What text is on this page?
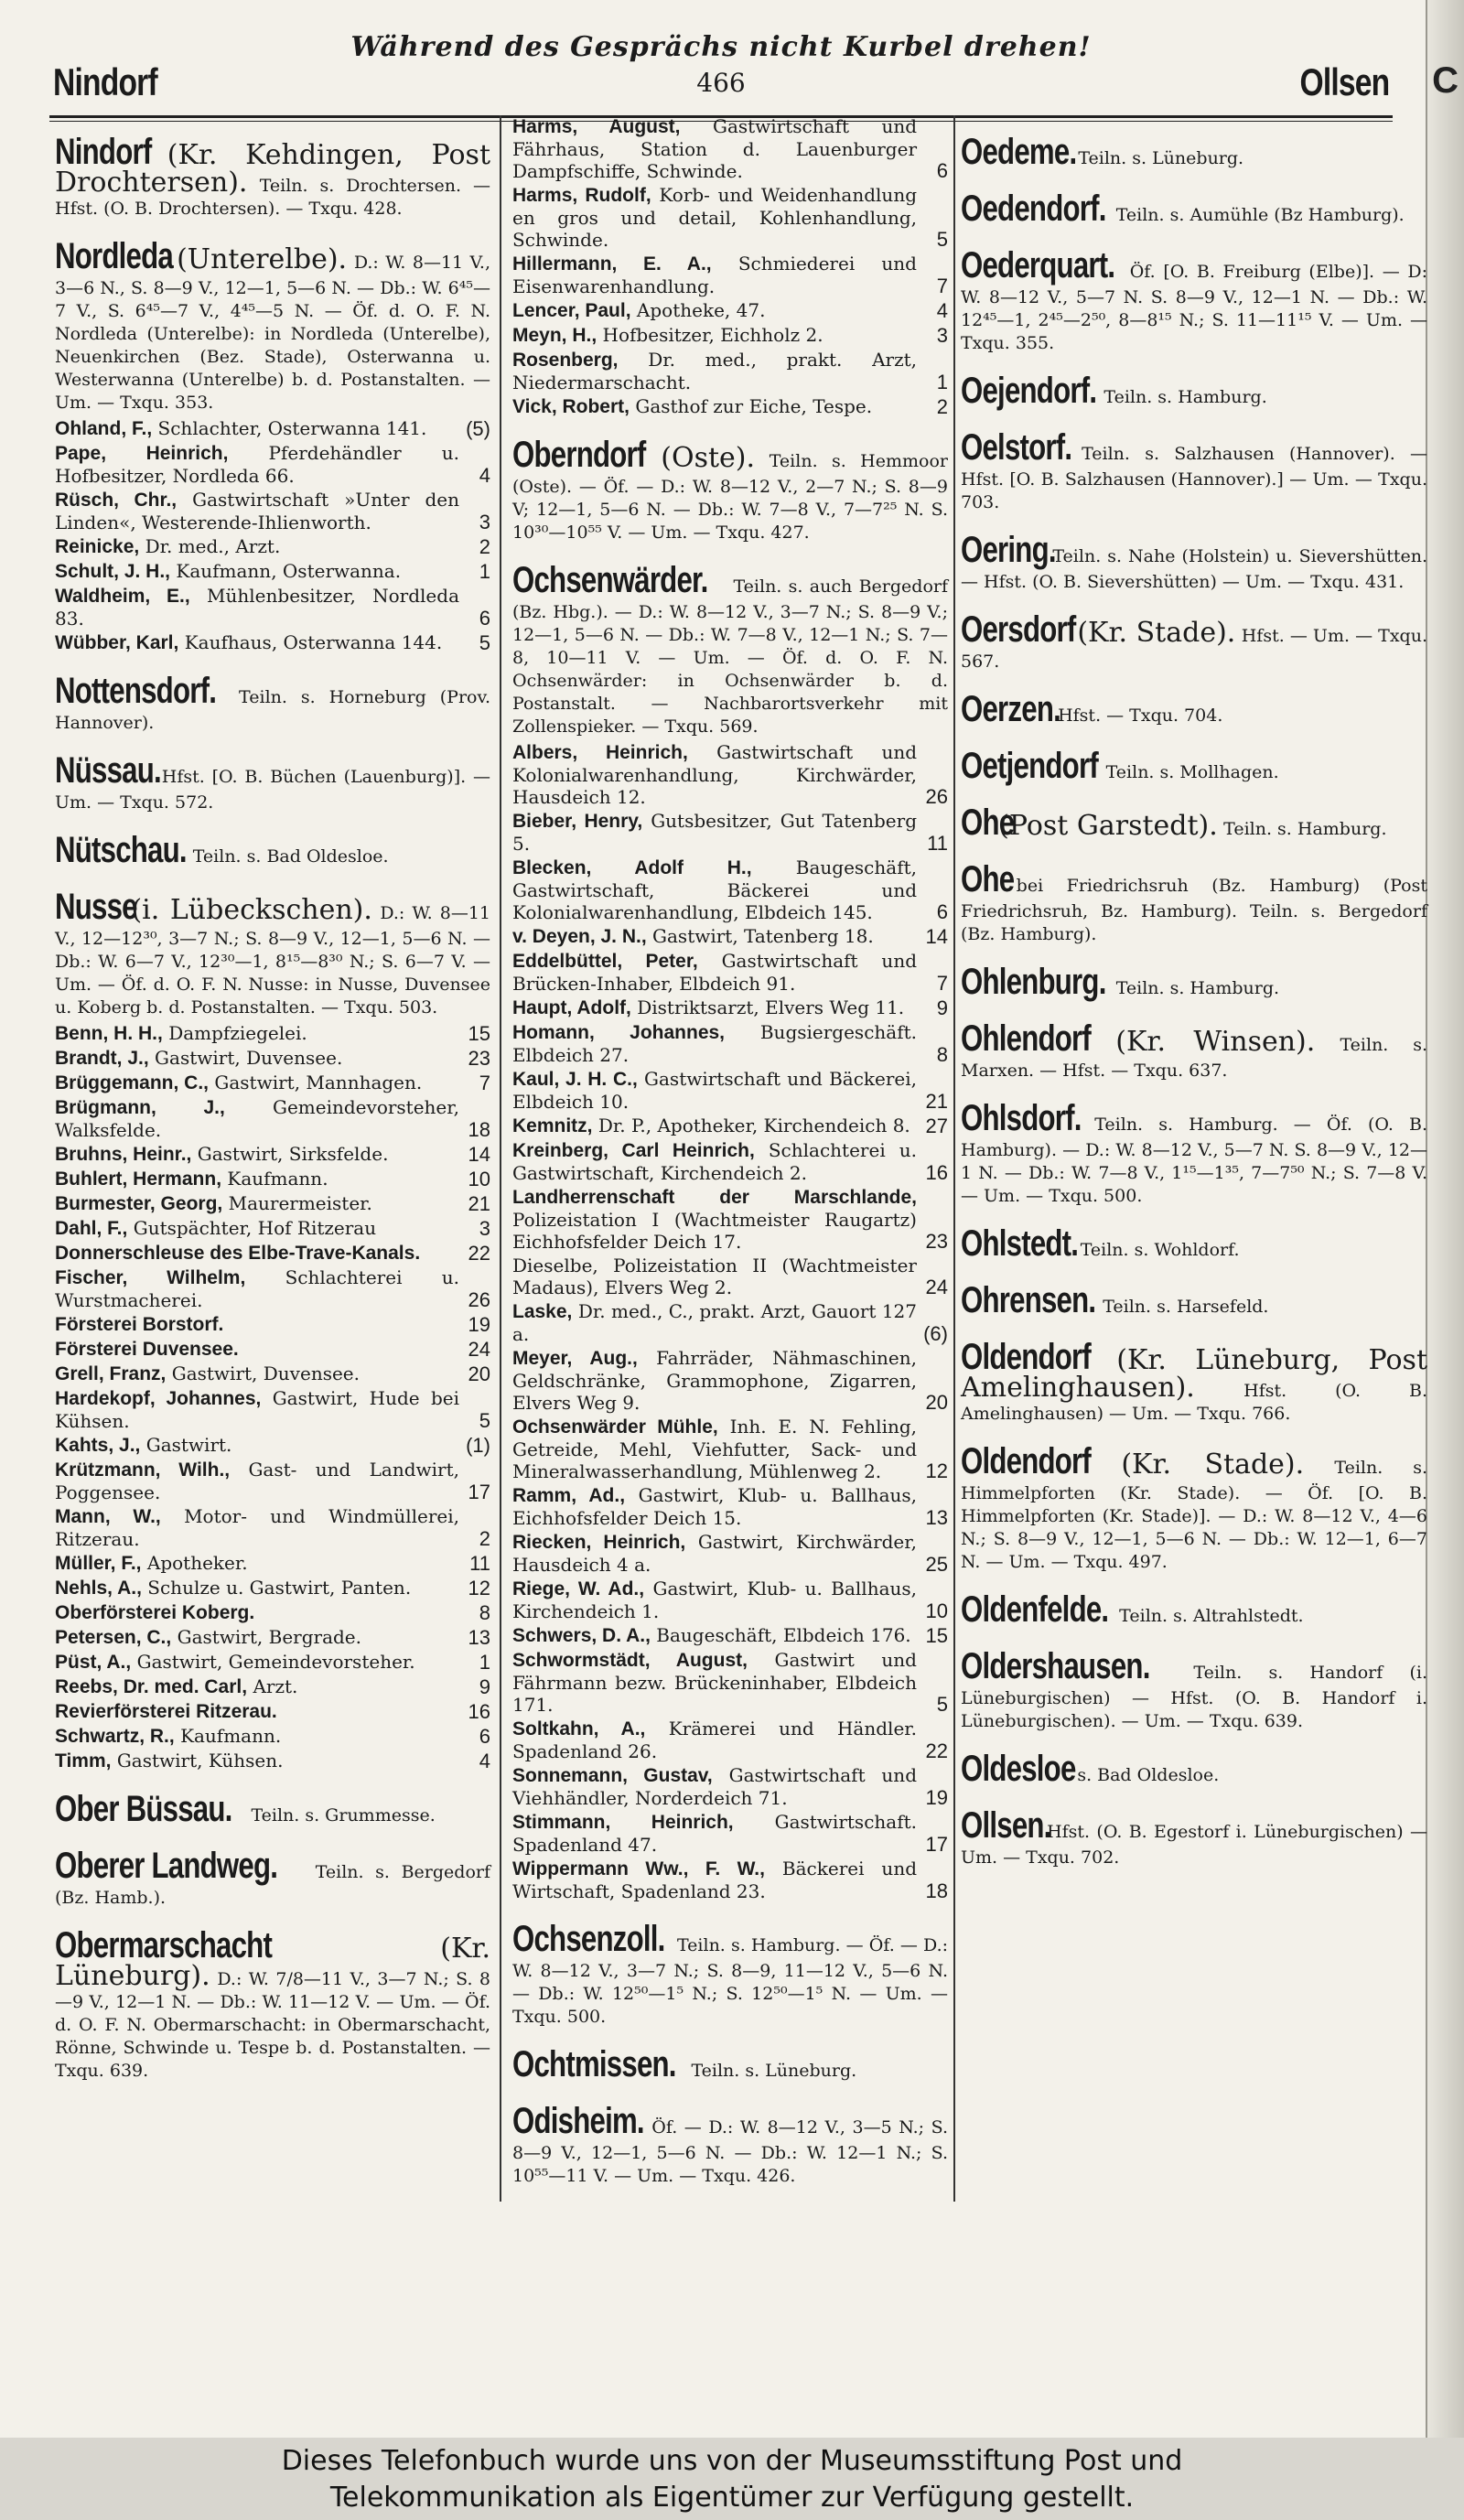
C
Nindorf
Während des Gesprächs nicht Kurbel drehen!
466	Ollsen
Nindorf (Kr. Kehdingen, Post Drochtersen). Teiln. s. Drochtersen. — Hfst. (O. B. Drochtersen). — Txqu. 428.
Nordleda (Unterelbe). D.: W. 8—11 V., 3—6 N., S. 8—9 V., 12—1, 5—6 N. — Db.: W. 6⁴⁵—7 V., S. 6⁴⁵—7 V., 4⁴⁵—5 N. — Öf. d. O. F. N. Nordleda (Unterelbe): in Nordleda (Unterelbe), Neuenkirchen (Bez. Stade), Osterwanna u. Westerwanna (Unterelbe) b. d. Postanstalten. — Um. — Txqu. 353.
Ohland, F., Schlachter, Osterwanna 141. (5)
Pape, Heinrich, Pferdehändler u. Hofbesitzer, Nordleda 66.	4
Rüsch, Chr., Gastwirtschaft »Unter den Linden«, Westerende-Ihlienworth.	3
Reinicke, Dr. med., Arzt.	2
Schult, J. H., Kaufmann, Osterwanna.	1
Waldheim, E., Mühlenbesitzer, Nordleda 83.	6
Wübber, Karl, Kaufhaus, Osterwanna 144. 5
Nottensdorf. Teiln. s. Horneburg (Prov. Hannover).
Nüssau. Hfst. [O. B. Büchen (Lauenburg)]. — Um. — Txqu. 572.
Nütschau. Teiln. s. Bad Oldesloe.
Nusse (i. Lübeckschen). D.: W. 8—11 V., 12—12³⁰, 3—7 N.; S. 8—9 V., 12—1, 5—6 N. — Db.: W. 6—7 V., 12³⁰—1, 8¹⁵—8³⁰ N.; S. 6—7 V. — Um. — Öf. d. O. F. N. Nusse: in Nusse, Duvensee u. Koberg b. d. Postanstalten. — Txqu. 503.
Benn, H. H., Dampfziegelei.	15
Brandt, J., Gastwirt, Duvensee.	23
Brüggemann, C., Gastwirt, Mannhagen.	7
Brügmann, J.,	Gemeindevorsteher, Walksfelde.	18
Bruhns, Heinr., Gastwirt, Sirksfelde.	14
Buhlert, Hermann, Kaufmann.	10
Burmester, Georg, Maurermeister.	21
Dahl, F., Gutspächter, Hof Ritzerau	3
Donnerschleuse des Elbe-Trave-Kanals. 22
Fischer, Wilhelm, Schlachterei u. Wurstmacherei.	26
Försterei Borstorf.	19
Försterei Duvensee.	24
Grell, Franz, Gastwirt, Duvensee.	20
Hardekopf, Johannes, Gastwirt, Hude bei Kühsen.	5
Kahts, J., Gastwirt.	(1)
Krützmann, Wilh., Gast- und Landwirt, Poggensee.	17
Mann, W., Motor- und Windmüllerei, Ritzerau.	2
Müller, F., Apotheker.	11
Nehls, A., Schulze u. Gastwirt, Panten.	12
Oberförsterei Koberg.	8
Petersen, C., Gastwirt, Bergrade.	13
Püst, A., Gastwirt, Gemeindevorsteher.	1
Reebs, Dr. med. Carl, Arzt.	9
Revierförsterei Ritzerau.	16
Schwartz, R., Kaufmann.	6
Timm, Gastwirt, Kühsen.	4
Ober Büssau. Teiln. s. Grummesse.
Oberer Landweg. Teiln. s. Bergedorf (Bz. Hamb.).
Obermarschacht	(Kr. Lüneburg). D.: W. 7/8—11 V., 3—7 N.; S. 8—9 V., 12—1 N. — Db.: W. 11—12 V. — Um. — Öf. d. O. F. N. Obermarschacht: in Obermarschacht, Rönne, Schwinde u. Tespe b. d. Postanstalten. — Txqu. 639.
Harms, August, Gastwirtschaft und Fährhaus, Station d. Lauenburger Dampfschiffe, Schwinde.	6
Harms, Rudolf, Korb- und Weidenhandlung en gros und detail, Kohlenhandlung, Schwinde.	5
Hillermann, E. A., Schmiederei und Eisenwarenhandlung.	7
Lencer, Paul, Apotheke, 47.	4
Meyn, H., Hofbesitzer, Eichholz 2.	3
Rosenberg, Dr. med., prakt. Arzt, Niedermarschacht.	1
Vick, Robert, Gasthof zur Eiche, Tespe.	2
Oberndorf (Oste). Teiln. s. Hemmoor (Oste). — Öf. — D.: W. 8—12 V., 2—7 N.; S. 8—9 V; 12—1, 5—6 N. — Db.: W. 7—8 V., 7—7²⁵ N. S. 10³⁰—10⁵⁵ V. — Um. — Txqu. 427.
Ochsenwärder. Teiln. s. auch Bergedorf (Bz. Hbg.). — D.: W. 8—12 V., 3—7 N.; S. 8—9 V.; 12—1, 5—6 N. — Db.: W. 7—8 V., 12—1 N.; S. 7—8, 10—11 V. — Um. — Öf. d. O. F. N. Ochsenwärder: in Ochsenwärder b. d. Postanstalt. — Nachbarortsverkehr mit Zollenspieker. — Txqu. 569.
Albers, Heinrich, Gastwirtschaft und Kolonialwarenhandlung, Kirchwärder, Hausdeich 12.	26
Bieber, Henry, Gutsbesitzer, Gut Tatenberg 5.	11
Blecken, Adolf H., Baugeschäft, Gastwirtschaft, Bäckerei und Kolonialwarenhandlung, Elbdeich 145.	6
v. Deyen, J. N., Gastwirt, Tatenberg 18.	14
Eddelbüttel, Peter, Gastwirtschaft und Brücken-Inhaber, Elbdeich 91.	7
Haupt, Adolf, Distriktsarzt, Elvers Weg 11. 9
Homann, Johannes, Bugsiergeschäft. Elbdeich 27.	8
Kaul, J. H. C., Gastwirtschaft und Bäckerei, Elbdeich 10.	21
Kemnitz, Dr. P., Apotheker, Kirchendeich 8. 27
Kreinberg, Carl Heinrich, Schlachterei u. Gastwirtschaft, Kirchendeich 2.	16
Landherrenschaft der Marschlande, Polizeistation I (Wachtmeister Raugartz) Eichhofsfelder Deich 17.	23
Dieselbe, Polizeistation II (Wachtmeister Madaus), Elvers Weg 2.	24
Laske, Dr. med., C., prakt. Arzt, Gauort 127 a.	(6)
Meyer, Aug., Fahrräder, Nähmaschinen, Geldschränke, Grammophone, Zigarren, Elvers Weg 9.	20
Ochsenwärder Mühle, Inh. E. N. Fehling, Getreide, Mehl, Viehfutter, Sack- und Mineralwasserhandlung, Mühlenweg 2. 12
Ramm, Ad., Gastwirt, Klub- u. Ballhaus, Eichhofsfelder Deich 15.	13
Riecken, Heinrich, Gastwirt, Kirchwärder, Hausdeich 4 a.	25
Riege, W. Ad., Gastwirt, Klub- u. Ballhaus, Kirchendeich 1.	10
Schwers, D. A., Baugeschäft, Elbdeich 176. 15
Schwormstädt, August, Gastwirt und Fährmann bezw. Brückeninhaber, Elbdeich 171.	5
Soltkahn, A., Krämerei und Händler. Spadenland 26.	22
Sonnemann, Gustav, Gastwirtschaft und Viehhändler, Norderdeich 71.	19
Stimmann, Heinrich, Gastwirtschaft. Spadenland 47.	17
Wippermann Ww., F. W., Bäckerei und Wirtschaft, Spadenland 23.	18
Ochsenzoll. Teiln. s. Hamburg. — Öf. — D.: W. 8—12 V., 3—7 N.; S. 8—9, 11—12 V., 5—6 N. — Db.: W. 12⁵⁰—1⁵ N.; S. 12⁵⁰—1⁵ N. — Um. — Txqu. 500.
Ochtmissen. Teiln. s. Lüneburg.
Odisheim. Öf. — D.: W. 8—12 V., 3—5 N.; S. 8—9 V., 12—1, 5—6 N. — Db.: W. 12—1 N.; S. 10⁵⁵—11 V. — Um. — Txqu. 426.
Oedeme. Teiln. s. Lüneburg.
Oedendorf. Teiln. s. Aumühle (Bz Hamburg).
Oederquart. Öf. [O. B. Freiburg (Elbe)]. — D: W. 8—12 V., 5—7 N. S. 8—9 V., 12—1 N. — Db.: W. 12⁴⁵—1, 2⁴⁵—2⁵⁰, 8—8¹⁵ N.; S. 11—11¹⁵ V. — Um. — Txqu. 355.
Oejendorf. Teiln. s. Hamburg.
Oelstorf. Teiln. s. Salzhausen (Hannover). — Hfst. [O. B. Salzhausen (Hannover).] — Um. — Txqu. 703.
Oering. Teiln. s. Nahe (Holstein) u. Sievershütten. — Hfst. (O. B. Sievershütten) — Um. — Txqu. 431.
Oersdorf (Kr. Stade). Hfst. — Um. — Txqu. 567.
Oerzen. Hfst. — Txqu. 704.
Oetjendorf Teiln. s. Mollhagen.
Ohe (Post Garstedt). Teiln. s. Hamburg.
Ohe bei Friedrichsruh (Bz. Hamburg) (Post Friedrichsruh, Bz. Hamburg). Teiln. s. Bergedorf (Bz. Hamburg).
Ohlenburg. Teiln. s. Hamburg.
Ohlendorf (Kr. Winsen). Teiln. s. Marxen. — Hfst. — Txqu. 637.
Ohlsdorf. Teiln. s. Hamburg. — Öf. (O. B. Hamburg). — D.: W. 8—12 V., 5—7 N. S. 8—9 V., 12—1 N. — Db.: W. 7—8 V., 1¹⁵—1³⁵, 7—7⁵⁰ N.; S. 7—8 V. — Um. — Txqu. 500.
Ohlstedt. Teiln. s. Wohldorf.
Ohrensen. Teiln. s. Harsefeld.
Oldendorf (Kr. Lüneburg, Post Amelinghausen).	Hfst. (O. B. Amelinghausen) — Um. — Txqu. 766.
Oldendorf (Kr. Stade). Teiln. s. Himmelpforten (Kr. Stade). — Öf. [O. B. Himmelpforten (Kr. Stade)]. — D.: W. 8—12 V., 4—6 N.; S. 8—9 V., 12—1, 5—6 N. — Db.: W. 12—1, 6—7 N. — Um. — Txqu. 497.
Oldenfelde. Teiln. s. Altrahlstedt.
Oldershausen.	Teiln. s. Handorf (i. Lüneburgischen) — Hfst. (O. B. Handorf i. Lüneburgischen). — Um. — Txqu. 639.
Oldesloe s. Bad Oldesloe.
Ollsen. Hfst. (O. B. Egestorf i. Lüneburgischen) — Um. — Txqu. 702.
Dieses Telefonbuch wurde uns von der Museumsstiftung Post und
Telekommunikation als Eigentümer zur Verfügung gestellt.
